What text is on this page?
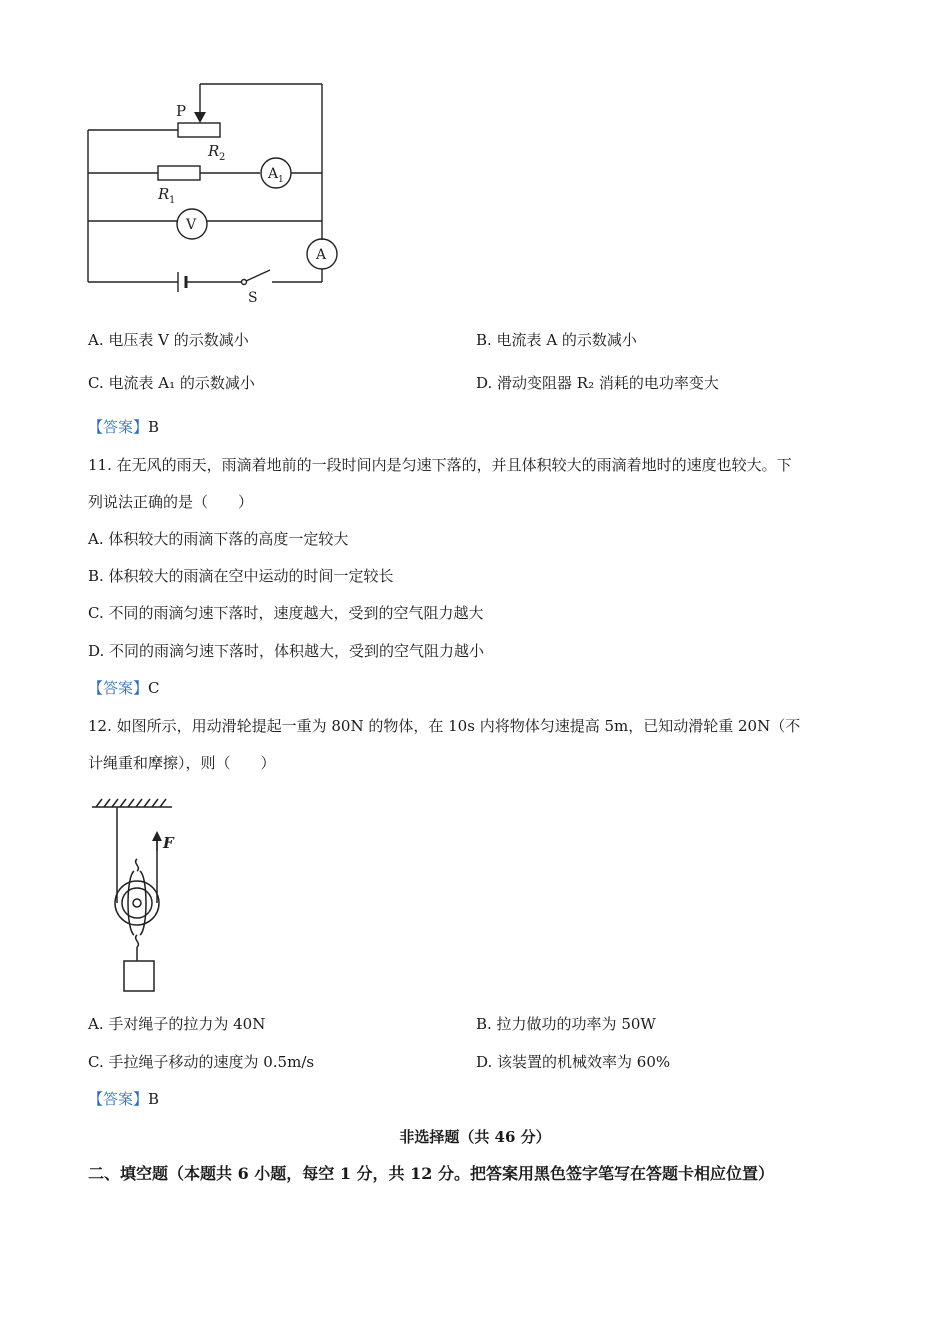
P
R 2
R 1
A 1
V
A
S
A. 电压表 V 的示数减小	B. 电流表 A 的示数减小
C. 电流表 A₁ 的示数减小	D. 滑动变阻器 R₂ 消耗的电功率变大
【答案】B
11. 在无风的雨天，雨滴着地前的一段时间内是匀速下落的，并且体积较大的雨滴着地时的速度也较大。下
列说法正确的是（　　）
A. 体积较大的雨滴下落的高度一定较大
B. 体积较大的雨滴在空中运动的时间一定较长
C. 不同的雨滴匀速下落时，速度越大，受到的空气阻力越大
D. 不同的雨滴匀速下落时，体积越大，受到的空气阻力越小
【答案】C
12. 如图所示，用动滑轮提起一重为 80N 的物体，在 10s 内将物体匀速提高 5m，已知动滑轮重 20N（不
计绳重和摩擦），则（　　）
F
A. 手对绳子的拉力为 40N	B. 拉力做功的功率为 50W
C. 手拉绳子移动的速度为 0.5m/s	D. 该装置的机械效率为 60%
【答案】B
非选择题（共 46 分）
二、填空题（本题共 6 小题，每空 1 分，共 12 分。把答案用黑色签字笔写在答题卡相应位置）
